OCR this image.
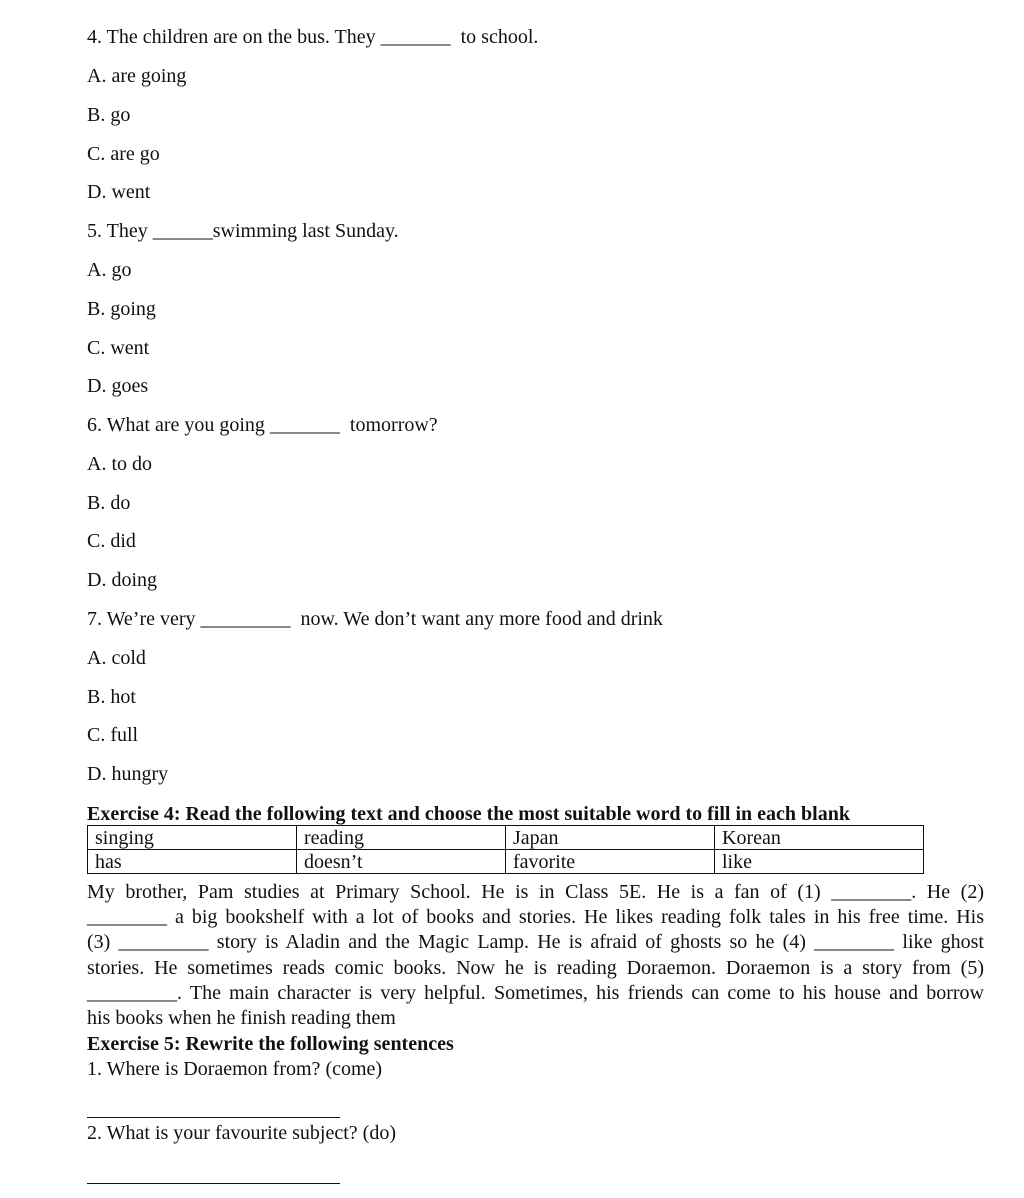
4. The children are on the bus. They _______  to school.
A. are going
B. go
C. are go
D. went
5. They ______swimming last Sunday.
A. go
B. going
C. went
D. goes
6. What are you going _______  tomorrow?
A. to do
B. do
C. did
D. doing
7. We’re very _________  now. We don’t want any more food and drink
A. cold
B. hot
C. full
D. hungry
Exercise 4: Read the following text and choose the most suitable word to fill in each blank
singing	reading	Japan	Korean
has	doesn’t	favorite	like
My brother, Pam studies at Primary School. He is in Class 5E. He is a fan of (1) ________. He (2)
________ a big bookshelf with a lot of books and stories. He likes reading folk tales in his free time. His
(3) _________ story is Aladin and the Magic Lamp. He is afraid of ghosts so he (4) ________ like ghost
stories. He sometimes reads comic books. Now he is reading Doraemon. Doraemon is a story from (5)
_________. The main character is very helpful. Sometimes, his friends can come to his house and borrow
his books when he finish reading them
Exercise 5: Rewrite the following sentences
1. Where is Doraemon from? (come)
2. What is your favourite subject? (do)
